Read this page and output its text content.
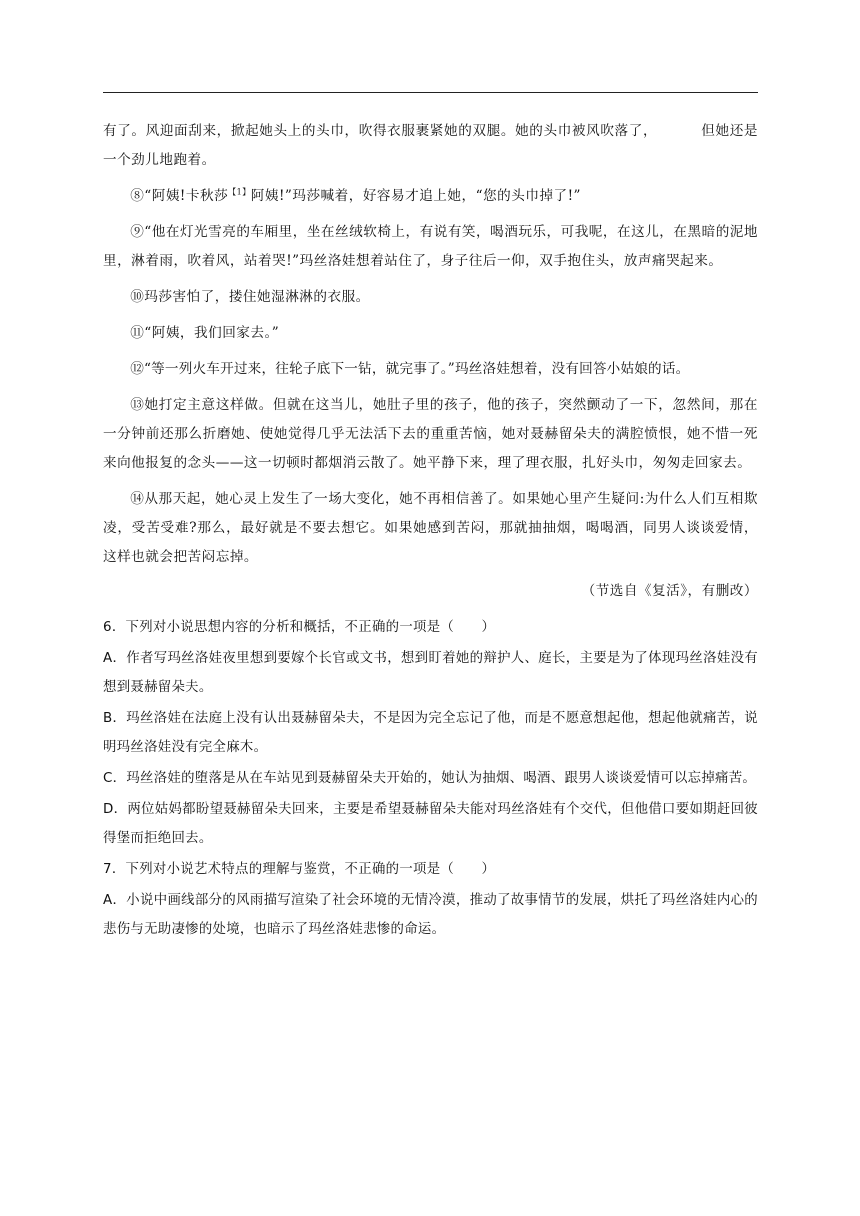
有了。风迎面刮来，掀起她头上的头巾，吹得衣服裹紧她的双腿。她的头巾被风吹落了，	但她还是一个劲儿地跑着。

⑧“阿姨!卡秋莎$^{【1】}$阿姨!”玛莎喊着，好容易才追上她，“您的头巾掉了!”

⑨“他在灯光雪亮的车厢里，坐在丝绒软椅上，有说有笑，喝酒玩乐，可我呢，在这儿，在黑暗的泥地里，淋着雨，吹着风，站着哭!”玛丝洛娃想着站住了，身子往后一仰，双手抱住头，放声痛哭起来。

⑩玛莎害怕了，搂住她湿淋淋的衣服。

⑪“阿姨，我们回家去。”

⑫“等一列火车开过来，往轮子底下一钻，就完事了。”玛丝洛娃想着，没有回答小姑娘的话。

⑬她打定主意这样做。但就在这当儿，她肚子里的孩子，他的孩子，突然颤动了一下，忽然间，那在一分钟前还那么折磨她、使她觉得几乎无法活下去的重重苦恼，她对聂赫留朵夫的满腔愤恨，她不惜一死来向他报复的念头——这一切顿时都烟消云散了。她平静下来，理了理衣服，扎好头巾，匆匆走回家去。

⑭从那天起，她心灵上发生了一场大变化，她不再相信善了。如果她心里产生疑问:为什么人们互相欺凌，受苦受难?那么，最好就是不要去想它。如果她感到苦闷，那就抽抽烟，喝喝酒，同男人谈谈爱情，这样也就会把苦闷忘掉。

（节选自《复活》，有删改）

6．下列对小说思想内容的分析和概括，不正确的一项是（　　）

A．作者写玛丝洛娃夜里想到要嫁个长官或文书，想到盯着她的辩护人、庭长，主要是为了体现玛丝洛娃没有想到聂赫留朵夫。

B．玛丝洛娃在法庭上没有认出聂赫留朵夫，不是因为完全忘记了他，而是不愿意想起他，想起他就痛苦，说明玛丝洛娃没有完全麻木。

C．玛丝洛娃的堕落是从在车站见到聂赫留朵夫开始的，她认为抽烟、喝酒、跟男人谈谈爱情可以忘掉痛苦。

D．两位姑妈都盼望聂赫留朵夫回来，主要是希望聂赫留朵夫能对玛丝洛娃有个交代，但他借口要如期赶回彼得堡而拒绝回去。

7．下列对小说艺术特点的理解与鉴赏，不正确的一项是（　　）

A．小说中画线部分的风雨描写渲染了社会环境的无情冷漠，推动了故事情节的发展，烘托了玛丝洛娃内心的悲伤与无助凄惨的处境，也暗示了玛丝洛娃悲惨的命运。
